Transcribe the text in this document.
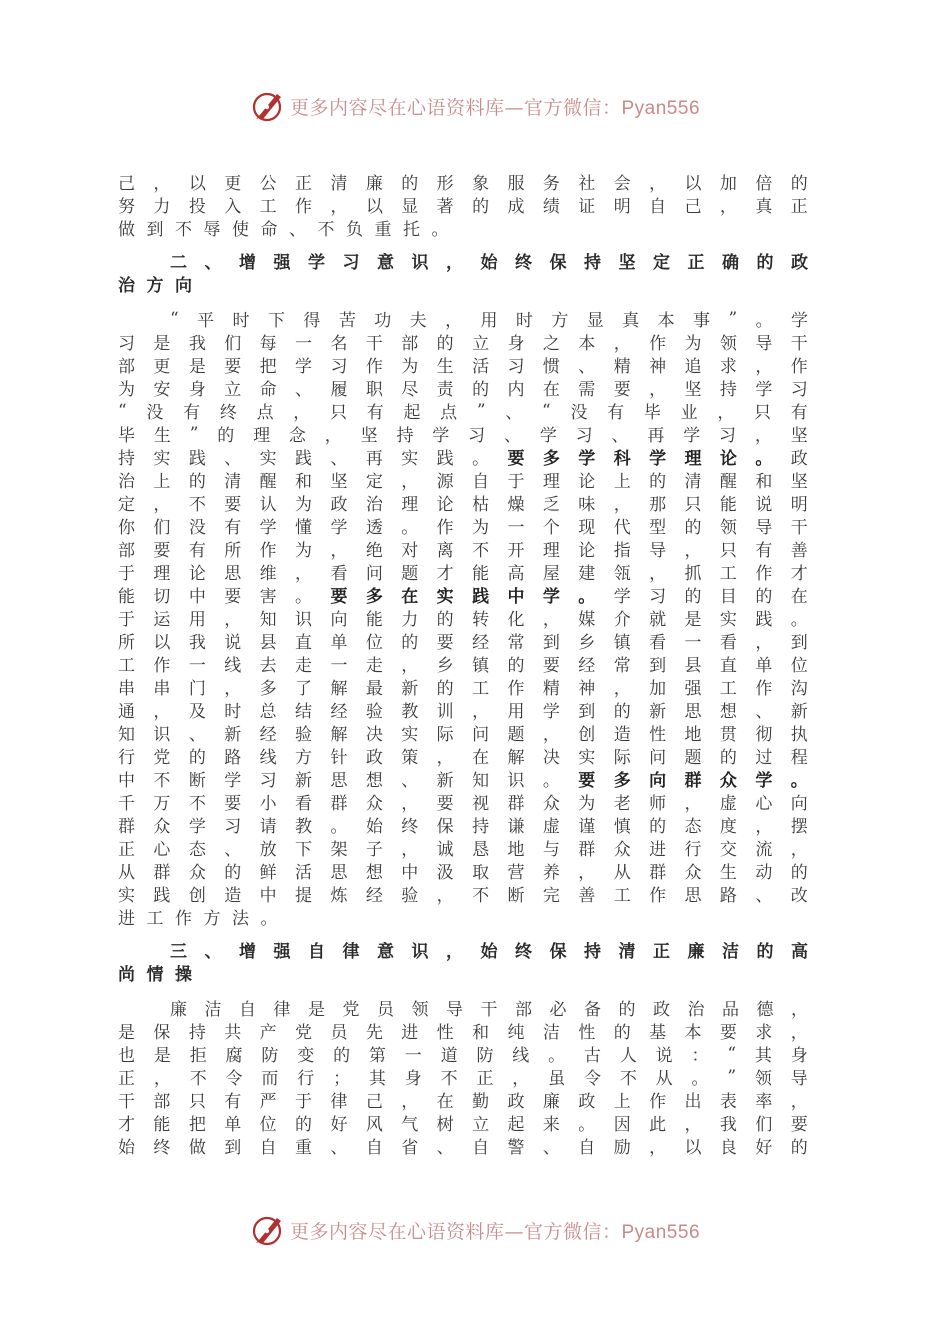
更多内容尽在心语资料库—官方微信：Pyan556
己 ， 以 更 公 正 清 廉 的 形 象 服 务 社 会 ， 以 加 倍 的
努 力 投 入 工 作 ， 以 显 著 的 成 绩 证 明 自 己 ， 真 正
做 到 不 辱 使 命 、 不 负 重 托 。
二 、 增 强 学 习 意 识 ， 始 终 保 持 坚 定 正 确 的 政
治 方 向
“ 平 时 下 得 苦 功 夫 ， 用 时 方 显 真 本 事 ” 。 学
习 是 我 们 每 一 名 干 部 的 立 身 之 本 ， 作 为 领 导 干
部 更 是 要 把 学 习 作 为 生 活 习 惯 、 精 神 追 求 ， 作
为 安 身 立 命 、 履 职 尽 责 的 内 在 需 要 ， 坚 持 学 习
“ 没 有 终 点 ， 只 有 起 点 ” 、 “ 没 有 毕 业 ， 只 有
毕 生 ” 的 理 念 ， 坚 持 学 习 、 学 习 、 再 学 习 ， 坚
持 实 践 、 实 践 、 再 实 践 。 要 多 学 科 学 理 论 。 政
治 上 的 清 醒 和 坚 定 ， 源 自 于 理 论 上 的 清 醒 和 坚
定 ， 不 要 认 为 政 治 理 论 枯 燥 乏 味 ， 那 只 能 说 明
你 们 没 有 学 懂 学 透 。 作 为 一 个 现 代 型 的 领 导 干
部 要 有 所 作 为 ， 绝 对 离 不 开 理 论 指 导 ， 只 有 善
于 理 论 思 维 ， 看 问 题 才 能 高 屋 建 瓴 ， 抓 工 作 才
能 切 中 要 害 。 要 多 在 实 践 中 学 。 学 习 的 目 的 在
于 运 用 ， 知 识 向 能 力 的 转 化 ， 媒 介 就 是 实 践 。
所 以 我 说 县 直 单 位 的 要 经 常 到 乡 镇 看 一 看 ， 到
工 作 一 线 去 走 一 走 ， 乡 镇 的 要 经 常 到 县 直 单 位
串 串 门 ， 多 了 解 最 新 的 工 作 精 神 ， 加 强 工 作 沟
通 ， 及 时 总 结 经 验 教 训 ， 用 学 到 的 新 思 想 、 新
知 识 、 新 经 验 解 决 实 际 问 题 ， 创 造 性 地 贯 彻 执
行 党 的 路 线 方 针 政 策 ， 在 解 决 实 际 问 题 的 过 程
中 不 断 学 习 新 思 想 、 新 知 识 。 要 多 向 群 众 学 。
千 万 不 要 小 看 群 众 ， 要 视 群 众 为 老 师 ， 虚 心 向
群 众 学 习 请 教 。 始 终 保 持 谦 虚 谨 慎 的 态 度 ， 摆
正 心 态 、 放 下 架 子 ， 诚 恳 地 与 群 众 进 行 交 流 ，
从 群 众 的 鲜 活 思 想 中 汲 取 营 养 ， 从 群 众 生 动 的
实 践 创 造 中 提 炼 经 验 ， 不 断 完 善 工 作 思 路 、 改
进 工 作 方 法 。
三 、 增 强 自 律 意 识 ， 始 终 保 持 清 正 廉 洁 的 高
尚 情 操
廉 洁 自 律 是 党 员 领 导 干 部 必 备 的 政 治 品 德 ，
是 保 持 共 产 党 员 先 进 性 和 纯 洁 性 的 基 本 要 求 ，
也 是 拒 腐 防 变 的 第 一 道 防 线 。 古 人 说 ： “ 其 身
正 ， 不 令 而 行 ； 其 身 不 正 ， 虽 令 不 从 。 ” 领 导
干 部 只 有 严 于 律 己 ， 在 勤 政 廉 政 上 作 出 表 率 ，
才 能 把 单 位 的 好 风 气 树 立 起 来 。 因 此 ， 我 们 要
始 终 做 到 自 重 、 自 省 、 自 警 、 自 励 ， 以 良 好 的
更多内容尽在心语资料库—官方微信：Pyan556
